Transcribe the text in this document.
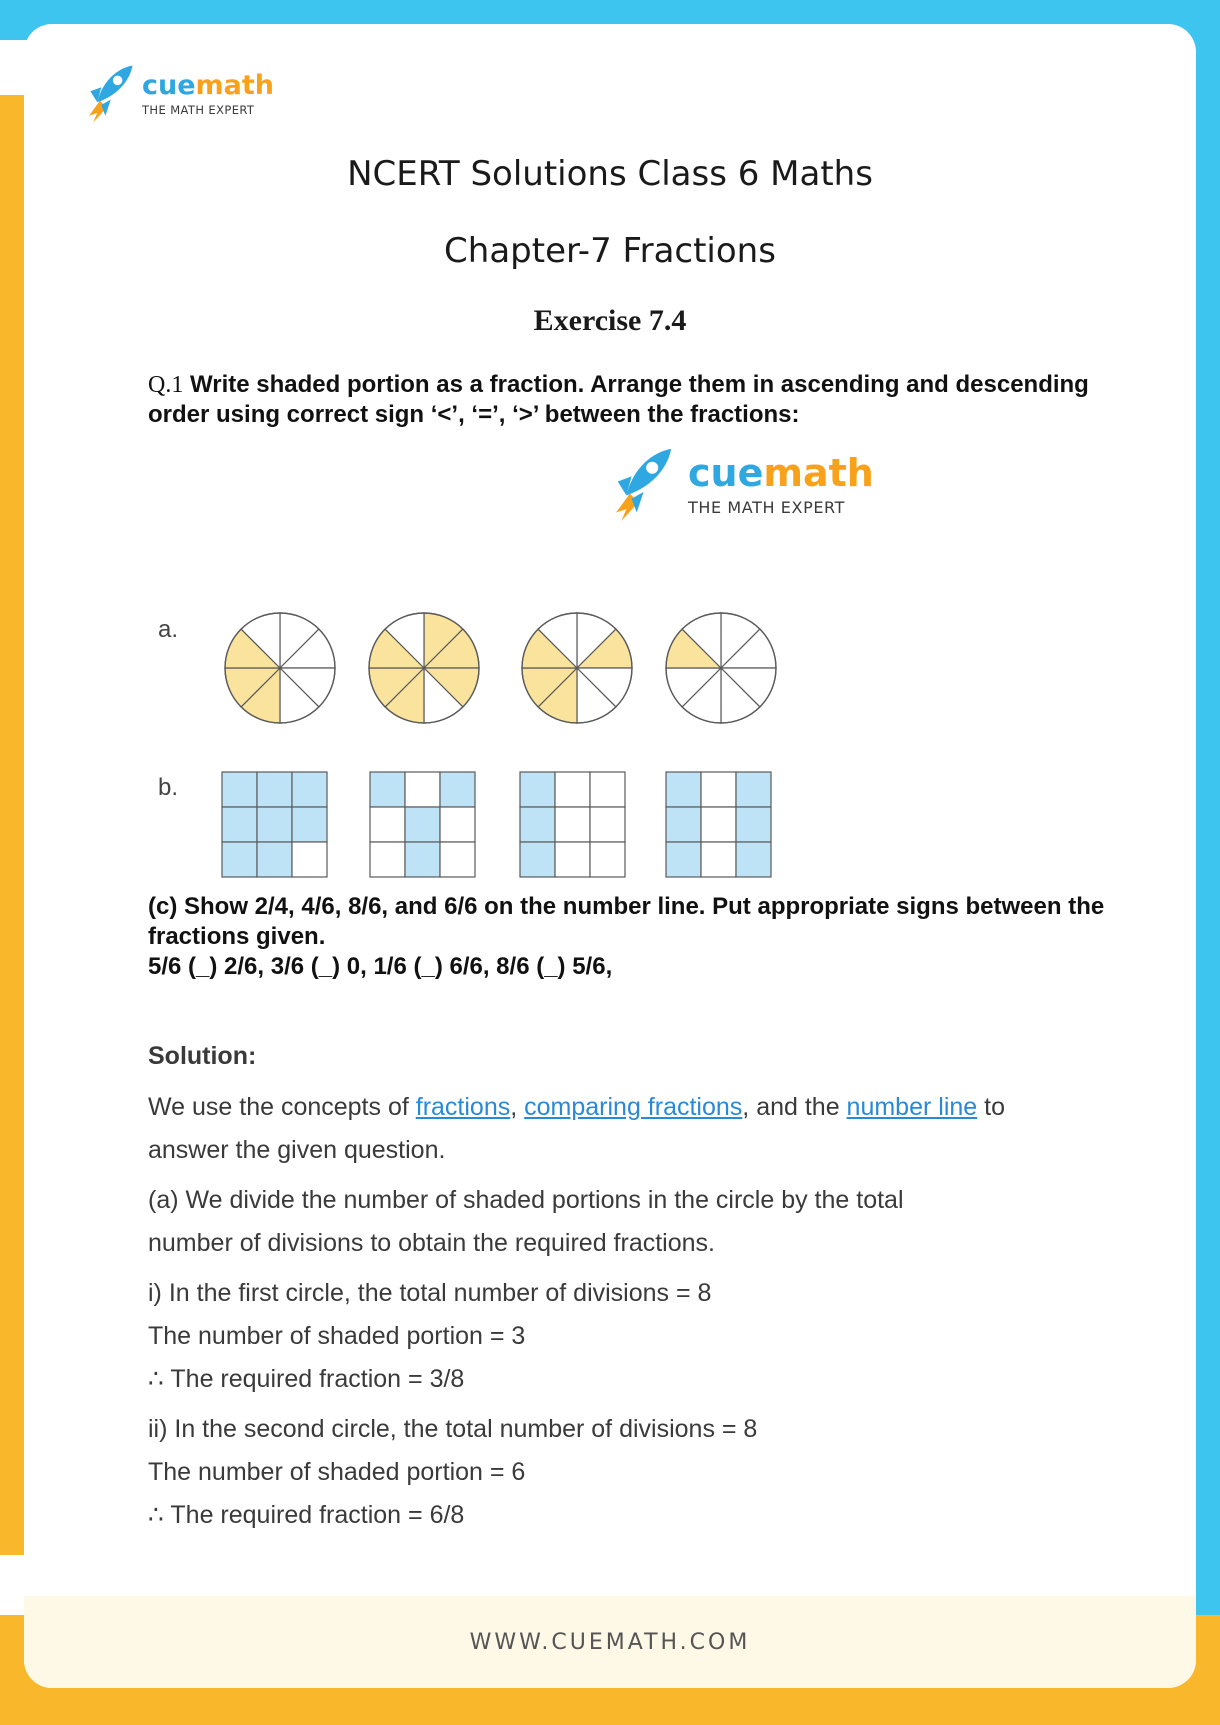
cuemath
THE MATH EXPERT
NCERT Solutions Class 6 Maths
Chapter-7 Fractions
Exercise 7.4
Q.1 Write shaded portion as a fraction. Arrange them in ascending and descending order using correct sign ‘<’, ‘=’, ‘>’ between the fractions:
cuemath
THE MATH EXPERT
a.
b.
(c) Show 2/4, 4/6, 8/6, and 6/6 on the number line. Put appropriate signs between the fractions given.
5/6 (_) 2/6, 3/6 (_) 0, 1/6 (_) 6/6, 8/6 (_) 5/6,
Solution:

We use the concepts of fractions, comparing fractions, and the number line to

answer the given question.

(a) We divide the number of shaded portions in the circle by the total

number of divisions to obtain the required fractions.

i) In the first circle, the total number of divisions = 8

The number of shaded portion = 3

∴ The required fraction = 3/8

ii) In the second circle, the total number of divisions = 8

The number of shaded portion = 6

∴ The required fraction = 6/8

WWW.CUEMATH.COM
